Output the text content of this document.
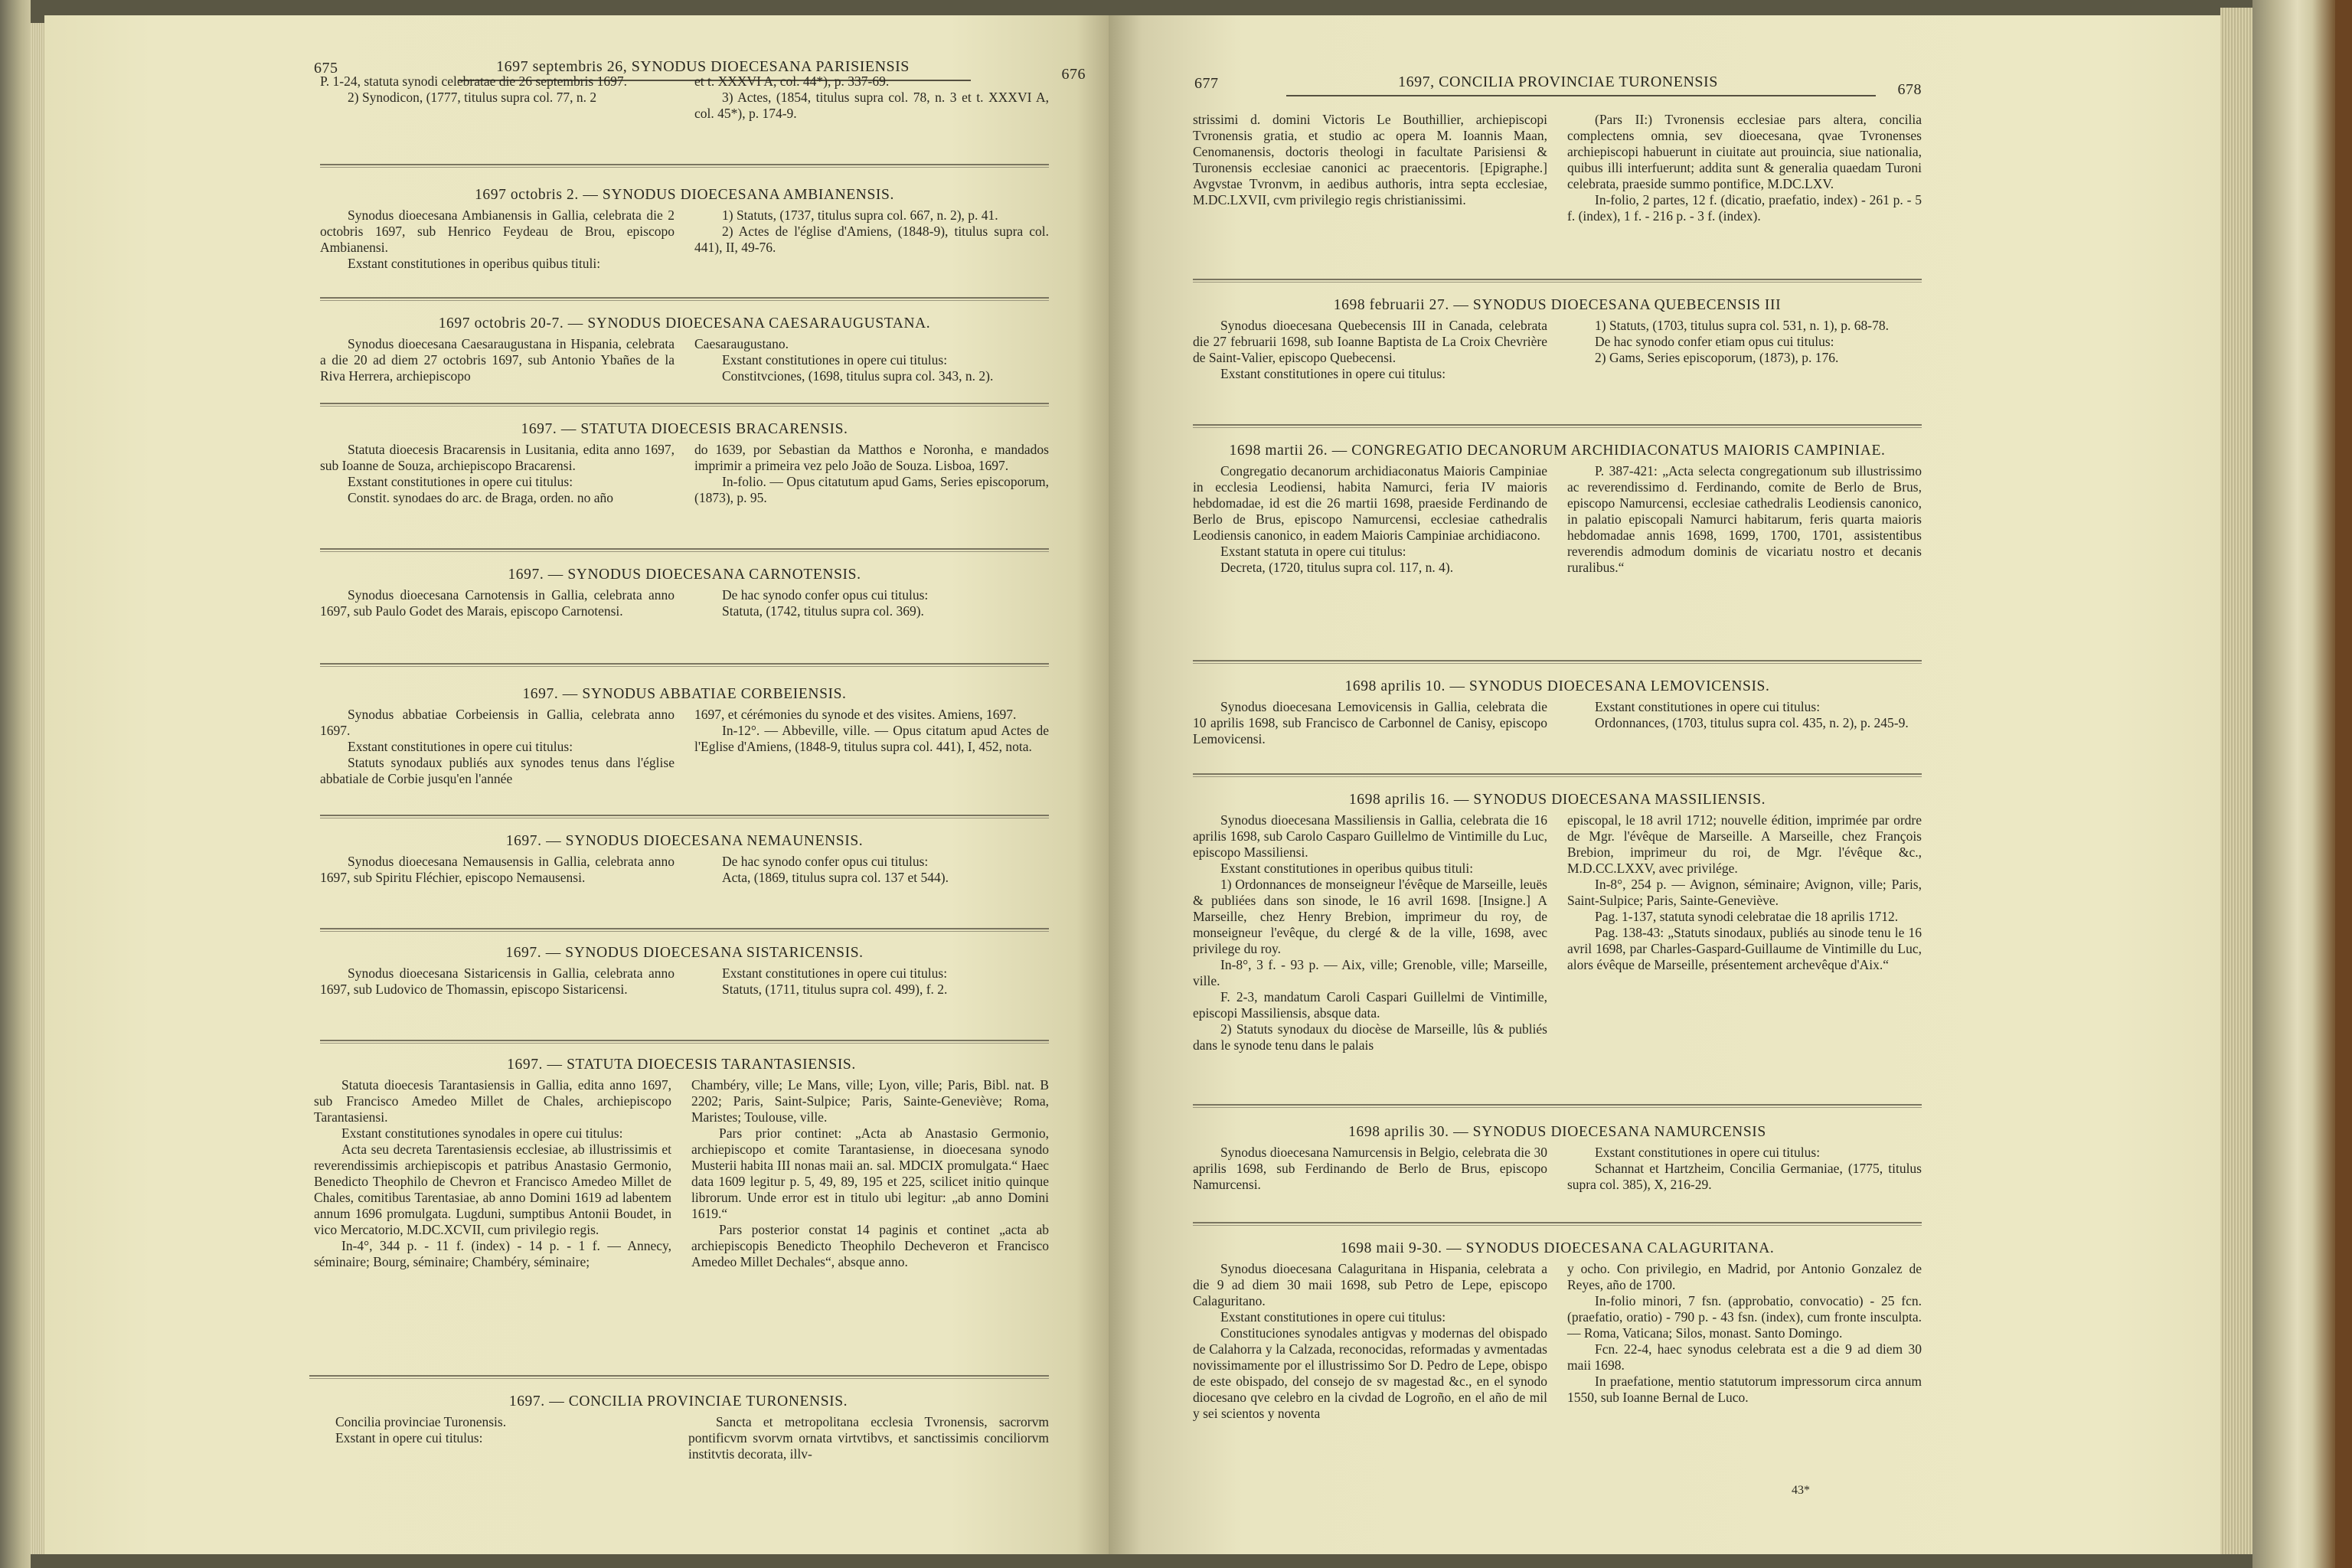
675	1697 septembris 26, SYNODUS DIOECESANA PARISIENSIS	676

P. 1-24, statuta synodi celebratae die 26 septembris 1697.

2) Synodicon, (1777, titulus supra col. 77, n. 2

et t. XXXVI A, col. 44*), p. 337-69.

3) Actes, (1854, titulus supra col. 78, n. 3 et t. XXXVI A, col. 45*), p. 174-9.

1697 octobris 2. — SYNODUS DIOECESANA AMBIANENSIS.

Synodus dioecesana Ambianensis in Gallia, celebrata die 2 octobris 1697, sub Henrico Feydeau de Brou, episcopo Ambianensi.

Exstant constitutiones in operibus quibus tituli:

1) Statuts, (1737, titulus supra col. 667, n. 2), p. 41.

2) Actes de l'église d'Amiens, (1848-9), titulus supra col. 441), II, 49-76.

1697 octobris 20-7. — SYNODUS DIOECESANA CAESARAUGUSTANA.

Synodus dioecesana Caesaraugustana in Hispania, celebrata a die 20 ad diem 27 octobris 1697, sub Antonio Ybañes de la Riva Herrera, archiepiscopo

Caesaraugustano.

Exstant constitutiones in opere cui titulus:

Constitvciones, (1698, titulus supra col. 343, n. 2).

1697. — STATUTA DIOECESIS BRACARENSIS.

Statuta dioecesis Bracarensis in Lusitania, edita anno 1697, sub Ioanne de Souza, archiepiscopo Bracarensi.

Exstant constitutiones in opere cui titulus:

Constit. synodaes do arc. de Braga, orden. no año

do 1639, por Sebastian da Matthos e Noronha, e mandados imprimir a primeira vez pelo João de Souza. Lisboa, 1697.

In-folio. — Opus citatutum apud Gams, Series episcoporum, (1873), p. 95.

1697. — SYNODUS DIOECESANA CARNOTENSIS.

Synodus dioecesana Carnotensis in Gallia, celebrata anno 1697, sub Paulo Godet des Marais, episcopo Carnotensi.

De hac synodo confer opus cui titulus:

Statuta, (1742, titulus supra col. 369).

1697. — SYNODUS ABBATIAE CORBEIENSIS.

Synodus abbatiae Corbeiensis in Gallia, celebrata anno 1697.

Exstant constitutiones in opere cui titulus:

Statuts synodaux publiés aux synodes tenus dans l'église abbatiale de Corbie jusqu'en l'année

1697, et cérémonies du synode et des visites. Amiens, 1697.

In-12°. — Abbeville, ville. — Opus citatum apud Actes de l'Eglise d'Amiens, (1848-9, titulus supra col. 441), I, 452, nota.

1697. — SYNODUS DIOECESANA NEMAUNENSIS.

Synodus dioecesana Nemausensis in Gallia, celebrata anno 1697, sub Spiritu Fléchier, episcopo Nemausensi.

De hac synodo confer opus cui titulus:

Acta, (1869, titulus supra col. 137 et 544).

1697. — SYNODUS DIOECESANA SISTARICENSIS.

Synodus dioecesana Sistaricensis in Gallia, celebrata anno 1697, sub Ludovico de Thomassin, episcopo Sistaricensi.

Exstant constitutiones in opere cui titulus:

Statuts, (1711, titulus supra col. 499), f. 2.

1697. — STATUTA DIOECESIS TARANTASIENSIS.

Statuta dioecesis Tarantasiensis in Gallia, edita anno 1697, sub Francisco Amedeo Millet de Chales, archiepiscopo Tarantasiensi.

Exstant constitutiones synodales in opere cui titulus:

Acta seu decreta Tarentasiensis ecclesiae, ab illustrissimis et reverendissimis archiepiscopis et patribus Anastasio Germonio, Benedicto Theophilo de Chevron et Francisco Amedeo Millet de Chales, comitibus Tarentasiae, ab anno Domini 1619 ad labentem annum 1696 promulgata. Lugduni, sumptibus Antonii Boudet, in vico Mercatorio, M.DC.XCVII, cum privilegio regis.

In-4°, 344 p. - 11 f. (index) - 14 p. - 1 f. — Annecy, séminaire; Bourg, séminaire; Chambéry, séminaire;

Chambéry, ville; Le Mans, ville; Lyon, ville; Paris, Bibl. nat. B 2202; Paris, Saint-Sulpice; Paris, Sainte-Geneviève; Roma, Maristes; Toulouse, ville.

Pars prior continet: „Acta ab Anastasio Germonio, archiepiscopo et comite Tarantasiense, in dioecesana synodo Musterii habita III nonas maii an. sal. MDCIX promulgata.“ Haec data 1609 legitur p. 5, 49, 89, 195 et 225, scilicet initio quinque librorum. Unde error est in titulo ubi legitur: „ab anno Domini 1619.“

Pars posterior constat 14 paginis et continet „acta ab archiepiscopis Benedicto Theophilo Decheveron et Francisco Amedeo Millet Dechales“, absque anno.

1697. — CONCILIA PROVINCIAE TURONENSIS.

Concilia provinciae Turonensis.

Exstant in opere cui titulus:

Sancta et metropolitana ecclesia Tvronensis, sacrorvm pontificvm svorvm ornata virtvtibvs, et sanctissimis conciliorvm institvtis decorata, illv-

677	1697, CONCILIA PROVINCIAE TURONENSIS	678

strissimi d. domini Victoris Le Bouthillier, archiepiscopi Tvronensis gratia, et studio ac opera M. Ioannis Maan, Cenomanensis, doctoris theologi in facultate Parisiensi & Turonensis ecclesiae canonici ac praecentoris. [Epigraphe.] Avgvstae Tvronvm, in aedibus authoris, intra septa ecclesiae, M.DC.LXVII, cvm privilegio regis christianissimi.

(Pars II:) Tvronensis ecclesiae pars altera, concilia complectens omnia, sev dioecesana, qvae Tvronenses archiepiscopi habuerunt in ciuitate aut prouincia, siue nationalia, quibus illi interfuerunt; addita sunt & generalia quaedam Turoni celebrata, praeside summo pontifice, M.DC.LXV.

In-folio, 2 partes, 12 f. (dicatio, praefatio, index) - 261 p. - 5 f. (index), 1 f. - 216 p. - 3 f. (index).

1698 februarii 27. — SYNODUS DIOECESANA QUEBECENSIS III

Synodus dioecesana Quebecensis III in Canada, celebrata die 27 februarii 1698, sub Ioanne Baptista de La Croix Chevrière de Saint-Valier, episcopo Quebecensi.

Exstant constitutiones in opere cui titulus:

1) Statuts, (1703, titulus supra col. 531, n. 1), p. 68-78.

De hac synodo confer etiam opus cui titulus:

2) Gams, Series episcoporum, (1873), p. 176.

1698 martii 26. — CONGREGATIO DECANORUM ARCHIDIACONATUS MAIORIS CAMPINIAE.

Congregatio decanorum archidiaconatus Maioris Campiniae in ecclesia Leodiensi, habita Namurci, feria IV maioris hebdomadae, id est die 26 martii 1698, praeside Ferdinando de Berlo de Brus, episcopo Namurcensi, ecclesiae cathedralis Leodiensis canonico, in eadem Maioris Campiniae archidiacono.

Exstant statuta in opere cui titulus:

Decreta, (1720, titulus supra col. 117, n. 4).

P. 387-421: „Acta selecta congregationum sub illustrissimo ac reverendissimo d. Ferdinando, comite de Berlo de Brus, episcopo Namurcensi, ecclesiae cathedralis Leodiensis canonico, in palatio episcopali Namurci habitarum, feris quarta maioris hebdomadae annis 1698, 1699, 1700, 1701, assistentibus reverendis admodum dominis de vicariatu nostro et decanis ruralibus.“

1698 aprilis 10. — SYNODUS DIOECESANA LEMOVICENSIS.

Synodus dioecesana Lemovicensis in Gallia, celebrata die 10 aprilis 1698, sub Francisco de Carbonnel de Canisy, episcopo Lemovicensi.

Exstant constitutiones in opere cui titulus:

Ordonnances, (1703, titulus supra col. 435, n. 2), p. 245-9.

1698 aprilis 16. — SYNODUS DIOECESANA MASSILIENSIS.

Synodus dioecesana Massiliensis in Gallia, celebrata die 16 aprilis 1698, sub Carolo Casparo Guillelmo de Vintimille du Luc, episcopo Massiliensi.

Exstant constitutiones in operibus quibus tituli:

1) Ordonnances de monseigneur l'évêque de Marseille, leuës & publiées dans son sinode, le 16 avril 1698. [Insigne.] A Marseille, chez Henry Brebion, imprimeur du roy, de monseigneur l'evêque, du clergé & de la ville, 1698, avec privilege du roy.

In-8°, 3 f. - 93 p. — Aix, ville; Grenoble, ville; Marseille, ville.

F. 2-3, mandatum Caroli Caspari Guillelmi de Vintimille, episcopi Massiliensis, absque data.

2) Statuts synodaux du diocèse de Marseille, lûs & publiés dans le synode tenu dans le palais

episcopal, le 18 avril 1712; nouvelle édition, imprimée par ordre de Mgr. l'évêque de Marseille. A Marseille, chez François Brebion, imprimeur du roi, de Mgr. l'évêque &c., M.D.CC.LXXV, avec privilége.

In-8°, 254 p. — Avignon, séminaire; Avignon, ville; Paris, Saint-Sulpice; Paris, Sainte-Geneviève.

Pag. 1-137, statuta synodi celebratae die 18 aprilis 1712.

Pag. 138-43: „Statuts sinodaux, publiés au sinode tenu le 16 avril 1698, par Charles-Gaspard-Guillaume de Vintimille du Luc, alors évêque de Marseille, présentement archevêque d'Aix.“

1698 aprilis 30. — SYNODUS DIOECESANA NAMURCENSIS

Synodus dioecesana Namurcensis in Belgio, celebrata die 30 aprilis 1698, sub Ferdinando de Berlo de Brus, episcopo Namurcensi.

Exstant constitutiones in opere cui titulus:

Schannat et Hartzheim, Concilia Germaniae, (1775, titulus supra col. 385), X, 216-29.

1698 maii 9-30. — SYNODUS DIOECESANA CALAGURITANA.

Synodus dioecesana Calaguritana in Hispania, celebrata a die 9 ad diem 30 maii 1698, sub Petro de Lepe, episcopo Calaguritano.

Exstant constitutiones in opere cui titulus:

Constituciones synodales antigvas y modernas del obispado de Calahorra y la Calzada, reconocidas, reformadas y avmentadas novissimamente por el illustrissimo Sor D. Pedro de Lepe, obispo de este obispado, del consejo de sv magestad &c., en el synodo diocesano qve celebro en la civdad de Logroño, en el año de mil y sei scientos y noventa

y ocho. Con privilegio, en Madrid, por Antonio Gonzalez de Reyes, año de 1700.

In-folio minori, 7 fsn. (approbatio, convocatio) - 25 fcn. (praefatio, oratio) - 790 p. - 43 fsn. (index), cum fronte insculpta. — Roma, Vaticana; Silos, monast. Santo Domingo.

Fcn. 22-4, haec synodus celebrata est a die 9 ad diem 30 maii 1698.

In praefatione, mentio statutorum impressorum circa annum 1550, sub Ioanne Bernal de Luco.

43*
